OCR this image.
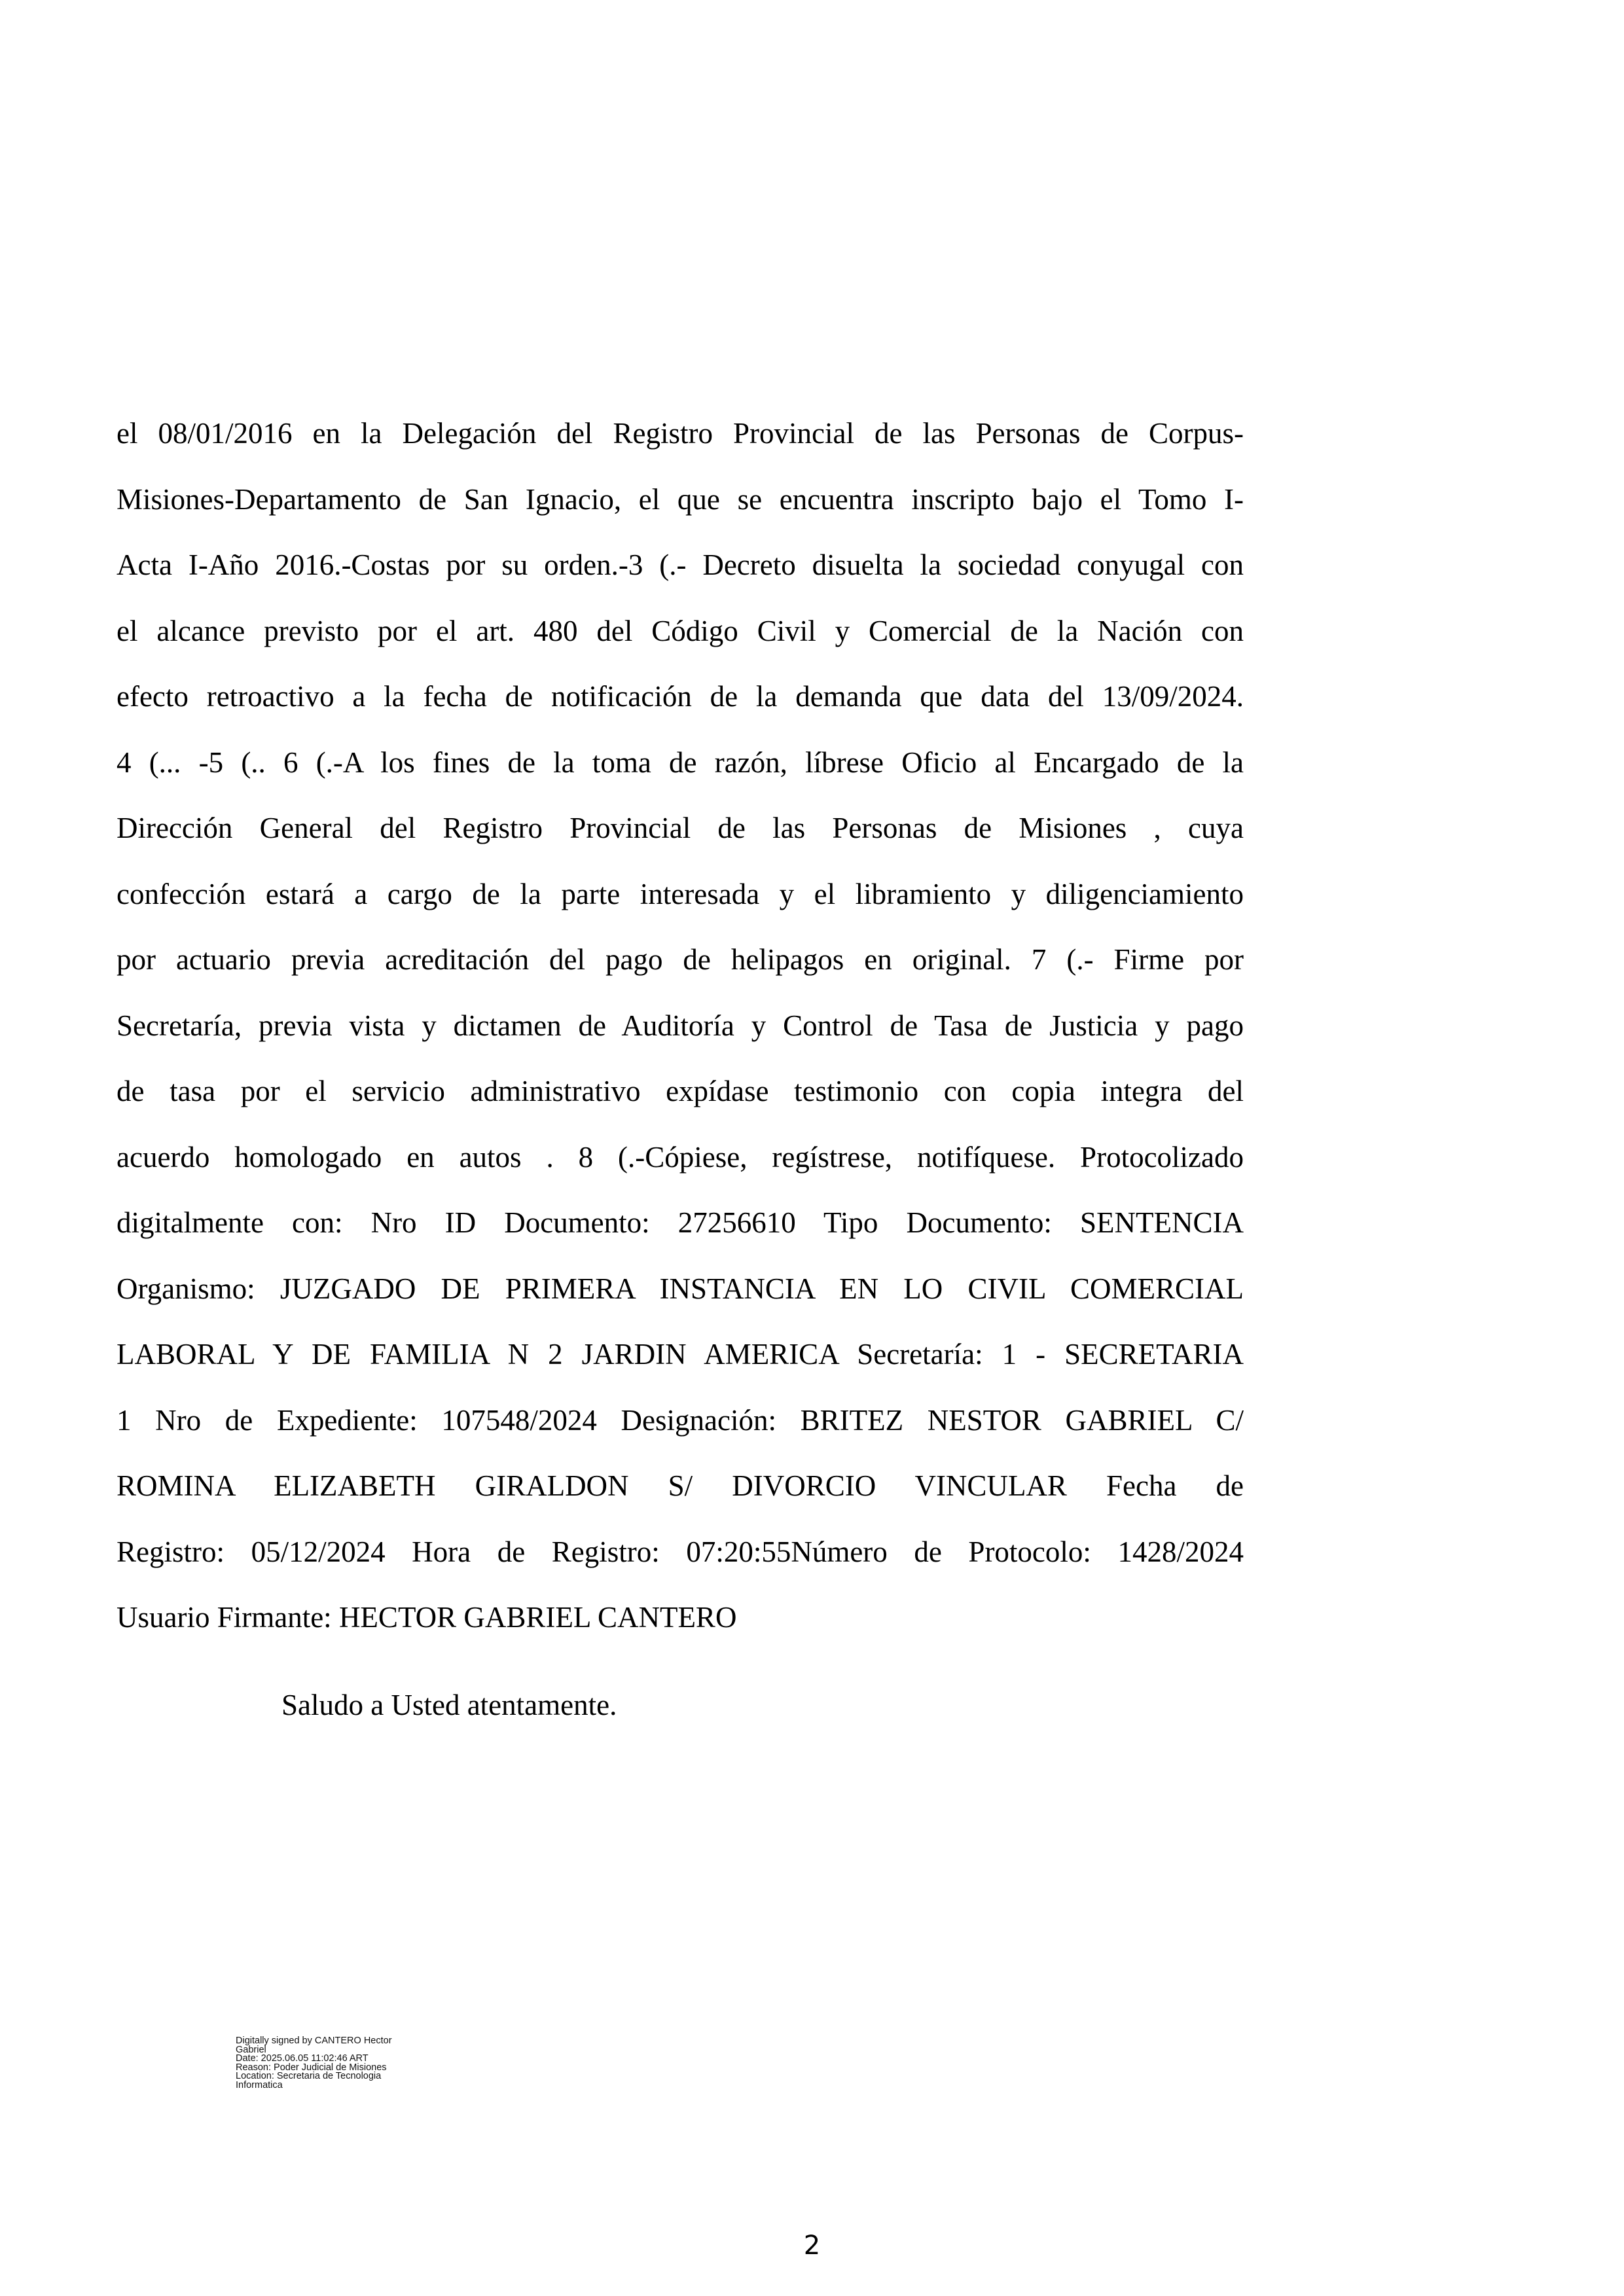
el 08/01/2016 en la Delegación del Registro Provincial de las Personas de Corpus-
Misiones-Departamento de San Ignacio, el que se encuentra inscripto bajo el Tomo I-
Acta I-Año 2016.-Costas por su orden.-3 (.- Decreto disuelta la sociedad conyugal con
el alcance previsto por el art. 480 del Código Civil y Comercial de la Nación con
efecto retroactivo a la fecha de notificación de la demanda que data del 13/09/2024.
4 (... -5 (.. 6 (.-A los fines de la toma de razón, líbrese Oficio al Encargado de la
Dirección General del Registro Provincial de las Personas de Misiones , cuya
confección estará a cargo de la parte interesada y el libramiento y diligenciamiento
por actuario previa acreditación del pago de helipagos en original. 7 (.- Firme por
Secretaría, previa vista y dictamen de Auditoría y Control de Tasa de Justicia y pago
de tasa por el servicio administrativo expídase testimonio con copia integra del
acuerdo homologado en autos . 8 (.-Cópiese, regístrese, notifíquese. Protocolizado
digitalmente con: Nro ID Documento: 27256610 Tipo Documento: SENTENCIA
Organismo: JUZGADO DE PRIMERA INSTANCIA EN LO CIVIL COMERCIAL
LABORAL Y DE FAMILIA N 2 JARDIN AMERICA Secretaría: 1 - SECRETARIA
1 Nro de Expediente: 107548/2024 Designación: BRITEZ NESTOR GABRIEL C/
ROMINA ELIZABETH GIRALDON S/ DIVORCIO VINCULAR Fecha de
Registro: 05/12/2024 Hora de Registro: 07:20:55Número de Protocolo: 1428/2024
Usuario Firmante: HECTOR GABRIEL CANTERO
Saludo a Usted atentamente.
Digitally signed by CANTERO Hector
Gabriel
Date: 2025.06.05 11:02:46 ART
Reason: Poder Judicial de Misiones
Location: Secretaria de Tecnologia
Informatica
2
